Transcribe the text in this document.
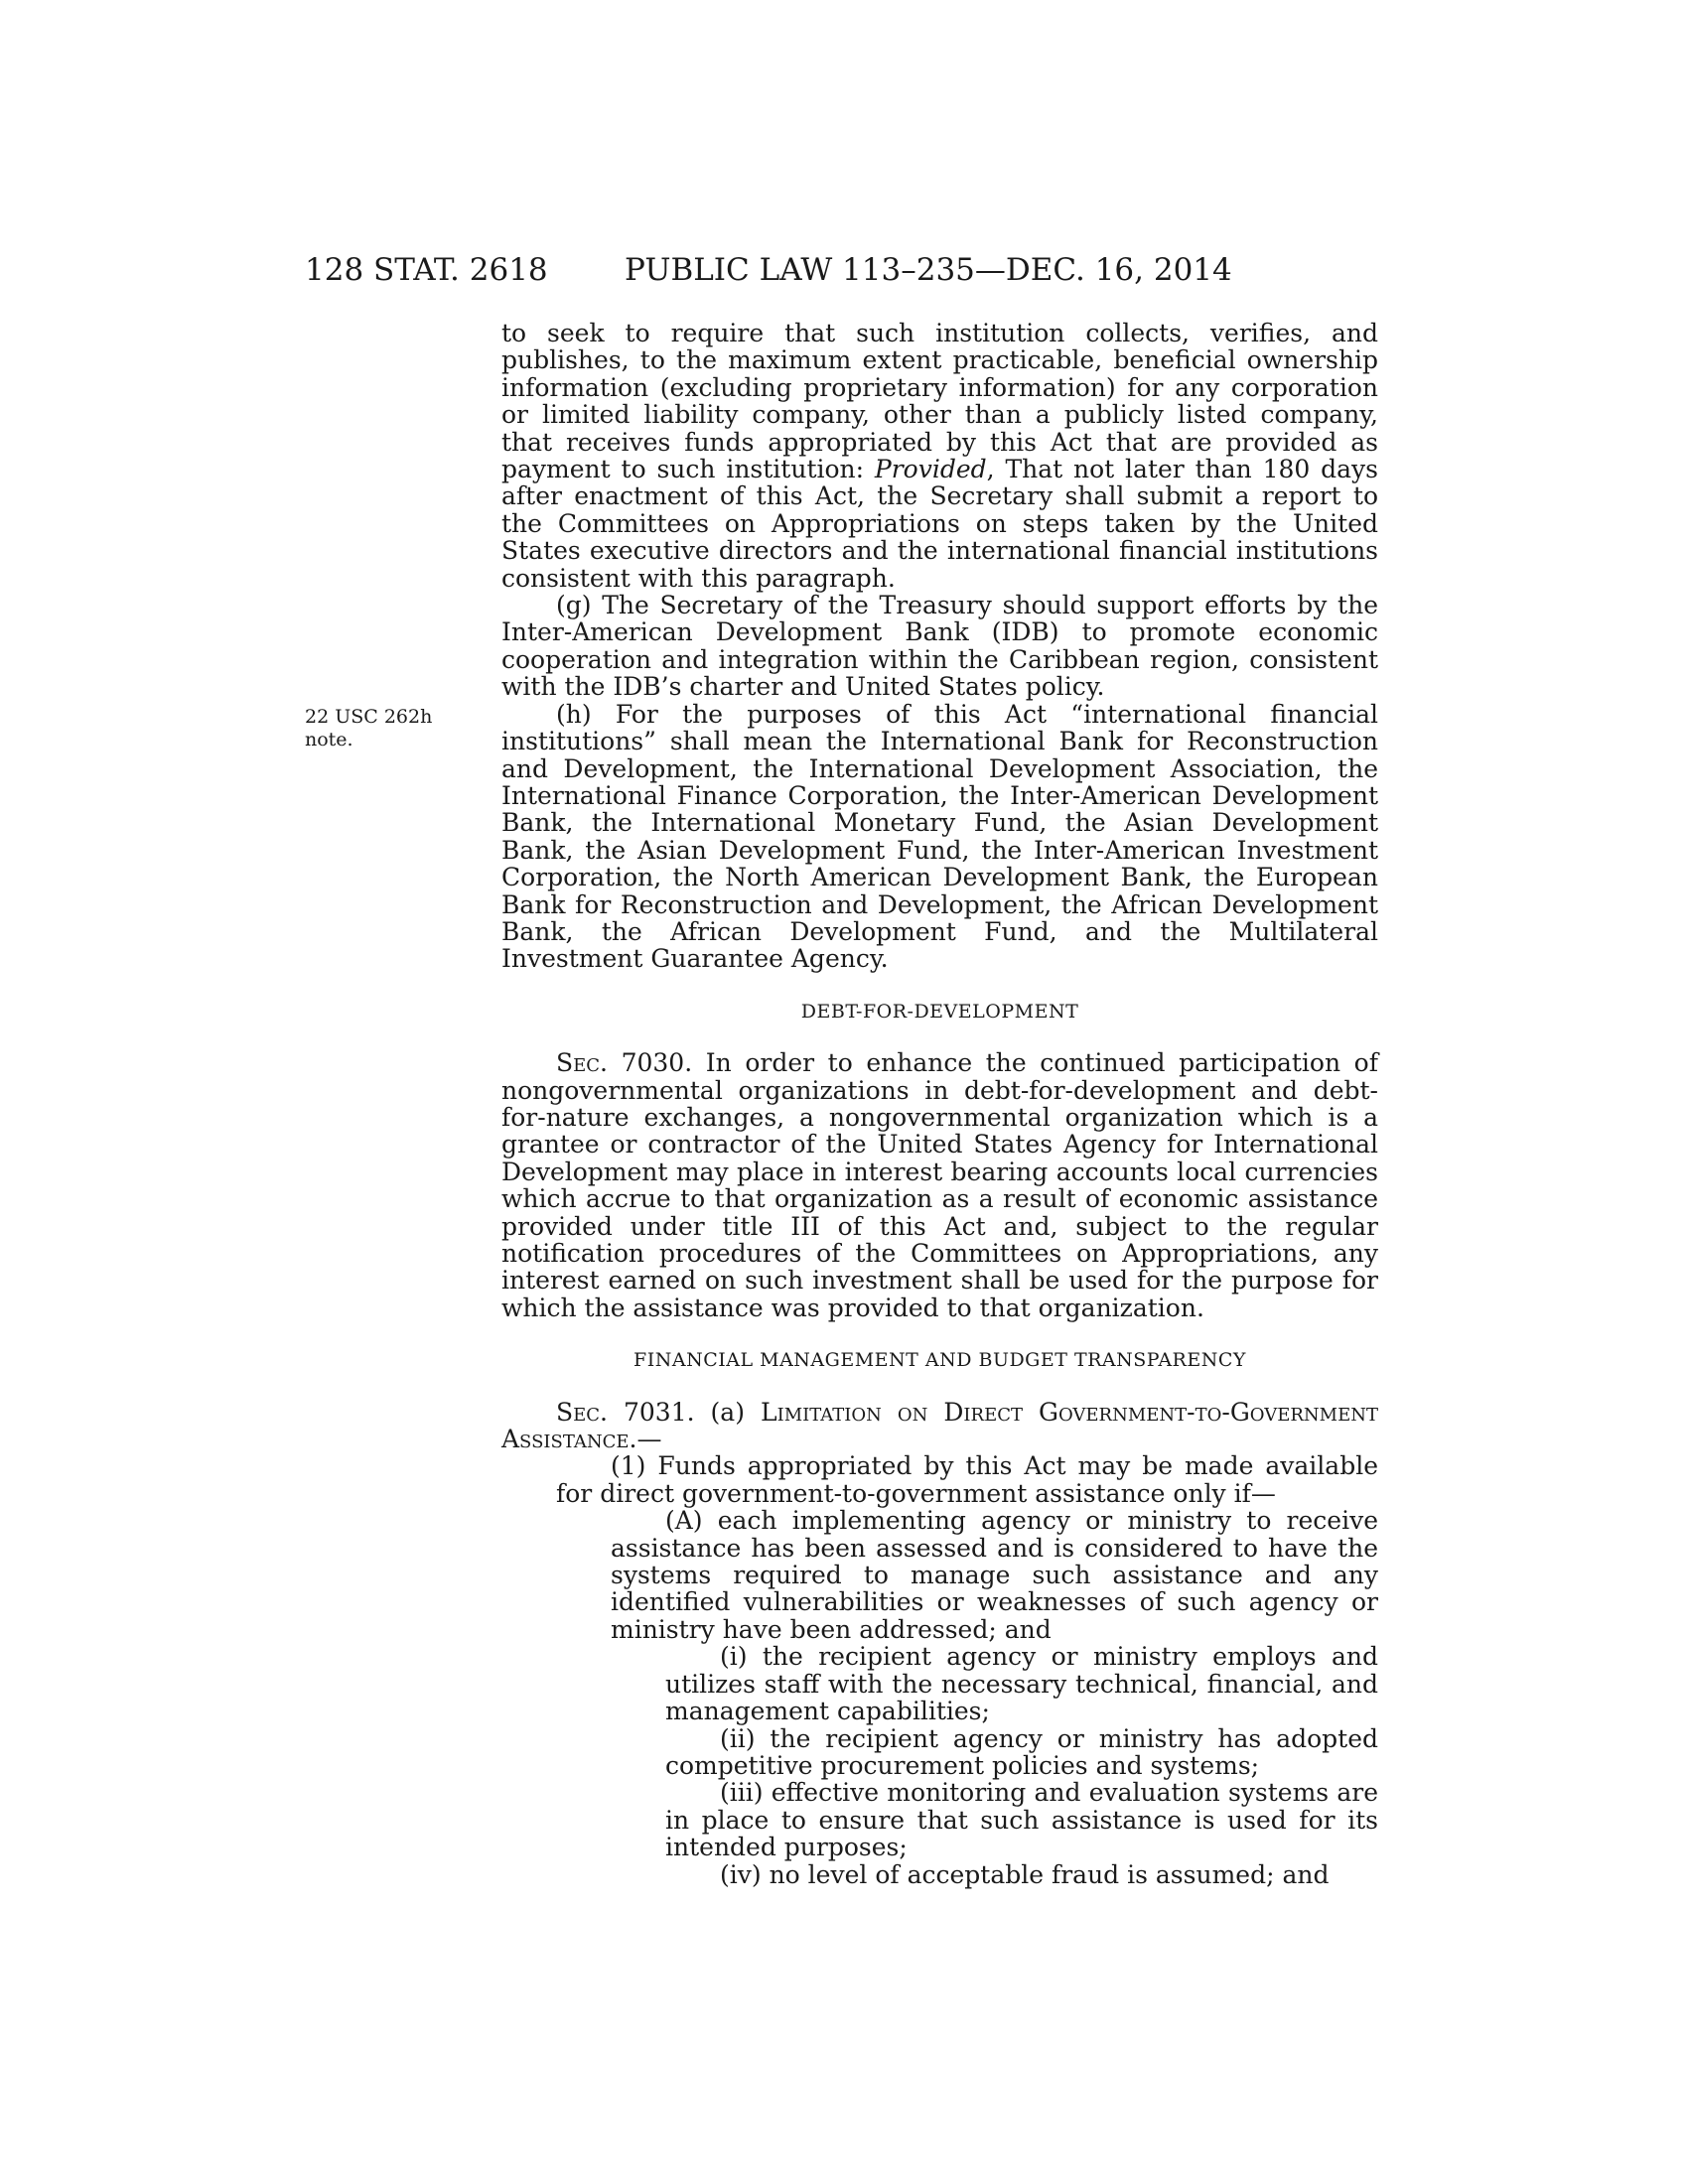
128 STAT. 2618 PUBLIC LAW 113–235—DEC. 16, 2014
22 USC 262h
note.

to seek to require that such institution collects, verifies, and publishes, to the maximum extent practicable, beneficial ownership information (excluding proprietary information) for any corporation or limited liability company, other than a publicly listed company, that receives funds appropriated by this Act that are provided as payment to such institution: Provided, That not later than 180 days after enactment of this Act, the Secretary shall submit a report to the Committees on Appropriations on steps taken by the United States executive directors and the international financial institutions consistent with this paragraph.

(g) The Secretary of the Treasury should support efforts by the Inter-American Development Bank (IDB) to promote economic cooperation and integration within the Caribbean region, consistent with the IDB’s charter and United States policy.

(h) For the purposes of this Act “international financial institutions” shall mean the International Bank for Reconstruction and Development, the International Development Association, the International Finance Corporation, the Inter-American Development Bank, the International Monetary Fund, the Asian Development Bank, the Asian Development Fund, the Inter-American Investment Corporation, the North American Development Bank, the European Bank for Reconstruction and Development, the African Development Bank, the African Development Fund, and the Multilateral Investment Guarantee Agency.

DEBT-FOR-DEVELOPMENT

Sec. 7030. In order to enhance the continued participation of nongovernmental organizations in debt-for-development and debt-for-nature exchanges, a nongovernmental organization which is a grantee or contractor of the United States Agency for International Development may place in interest bearing accounts local currencies which accrue to that organization as a result of economic assistance provided under title III of this Act and, subject to the regular notification procedures of the Committees on Appropriations, any interest earned on such investment shall be used for the purpose for which the assistance was provided to that organization.

FINANCIAL MANAGEMENT AND BUDGET TRANSPARENCY

Sec. 7031. (a) Limitation on Direct Government-to-Government Assistance.—

(1) Funds appropriated by this Act may be made available for direct government-to-government assistance only if—

(A) each implementing agency or ministry to receive assistance has been assessed and is considered to have the systems required to manage such assistance and any identified vulnerabilities or weaknesses of such agency or ministry have been addressed; and

(i) the recipient agency or ministry employs and utilizes staff with the necessary technical, financial, and management capabilities;

(ii) the recipient agency or ministry has adopted competitive procurement policies and systems;

(iii) effective monitoring and evaluation systems are in place to ensure that such assistance is used for its intended purposes;

(iv) no level of acceptable fraud is assumed; and
